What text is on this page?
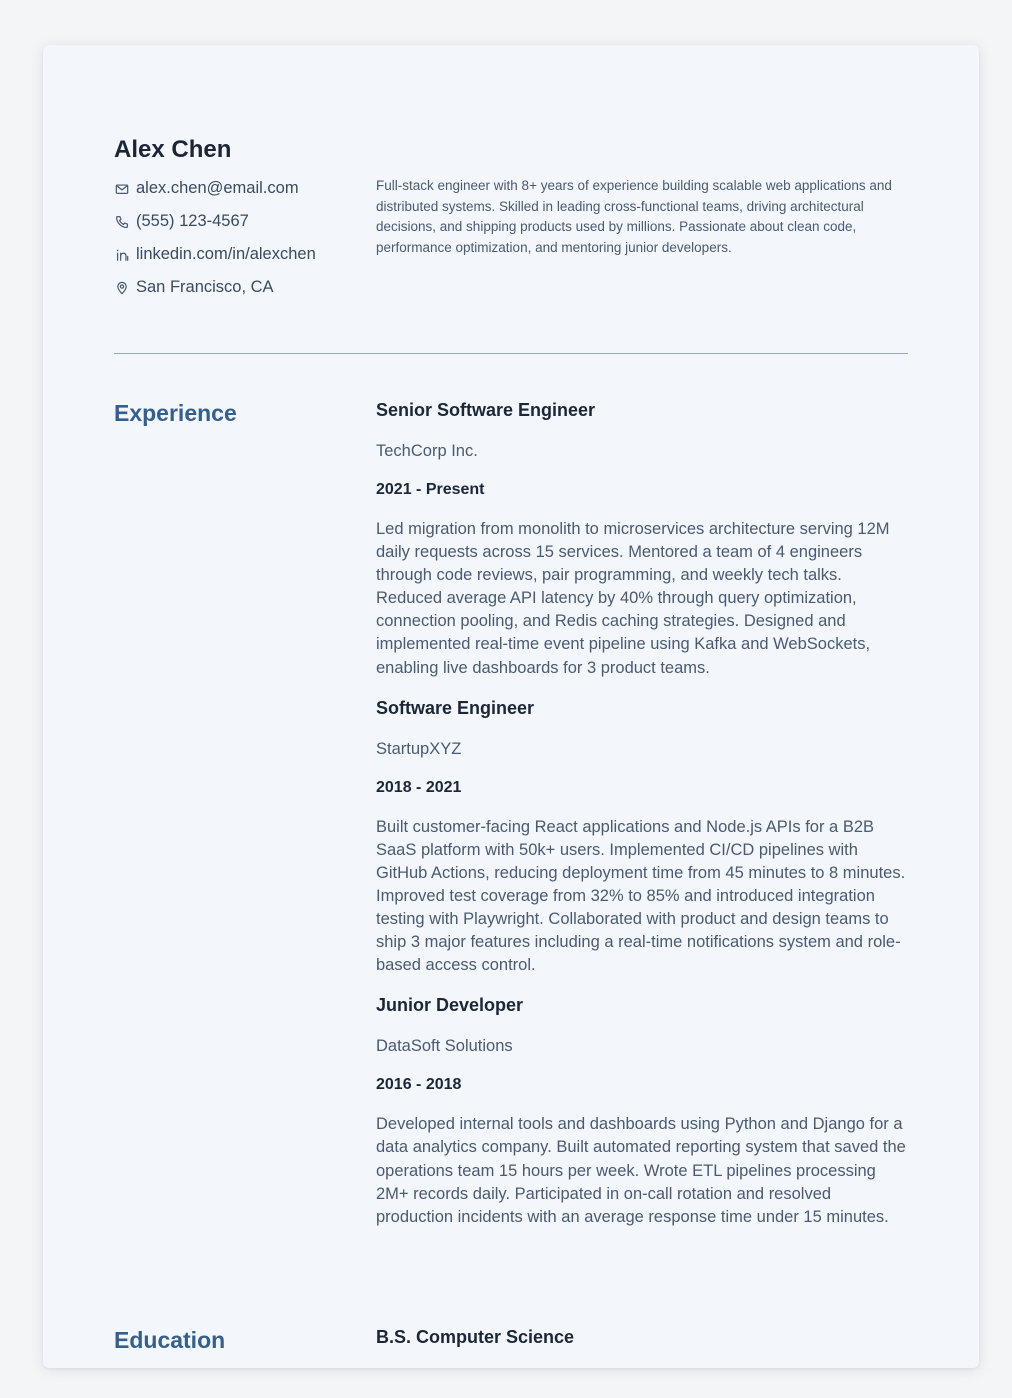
Alex Chen
alex.chen@email.com
(555) 123-4567
linkedin.com/in/alexchen
San Francisco, CA
Full-stack engineer with 8+ years of experience building scalable web applications and distributed systems. Skilled in leading cross-functional teams, driving architectural decisions, and shipping products used by millions. Passionate about clean code, performance optimization, and mentoring junior developers.
Experience	Senior Software Engineer
TechCorp Inc.
2021 - Present
Led migration from monolith to microservices architecture serving 12M daily requests across 15 services. Mentored a team of 4 engineers through code reviews, pair programming, and weekly tech talks. Reduced average API latency by 40% through query optimization, connection pooling, and Redis caching strategies. Designed and implemented real-time event pipeline using Kafka and WebSockets, enabling live dashboards for 3 product teams.
Software Engineer
StartupXYZ
2018 - 2021
Built customer-facing React applications and Node.js APIs for a B2B SaaS platform with 50k+ users. Implemented CI/CD pipelines with GitHub Actions, reducing deployment time from 45 minutes to 8 minutes. Improved test coverage from 32% to 85% and introduced integration testing with Playwright. Collaborated with product and design teams to ship 3 major features including a real-time notifications system and role-based access control.
Junior Developer
DataSoft Solutions
2016 - 2018
Developed internal tools and dashboards using Python and Django for a data analytics company. Built automated reporting system that saved the operations team 15 hours per week. Wrote ETL pipelines processing 2M+ records daily. Participated in on-call rotation and resolved production incidents with an average response time under 15 minutes.
Education	B.S. Computer Science
